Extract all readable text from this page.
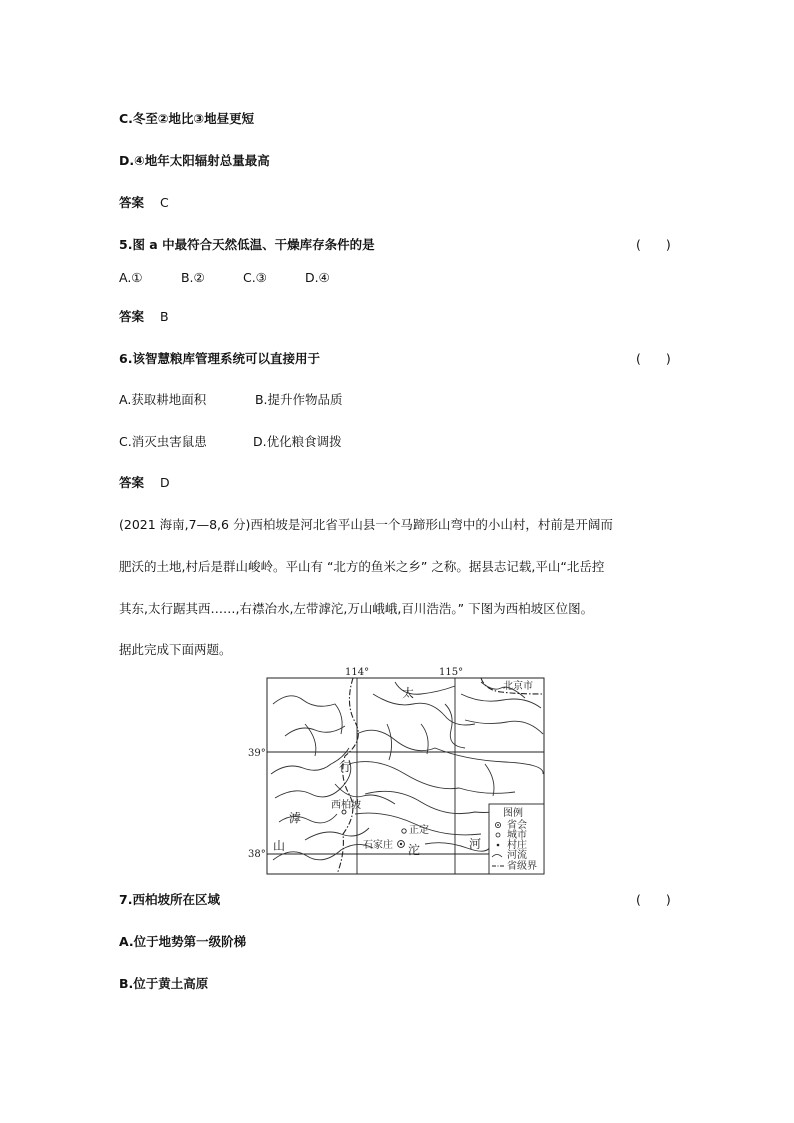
C.冬至②地比③地昼更短
D.④地年太阳辐射总量最高
答案 C
5.图 a 中最符合天然低温、干燥库存条件的是	(　　)
A.①	B.②	C.③	D.④
答案 B
6.该智慧粮库管理系统可以直接用于	(　　)
A.获取耕地面积	B.提升作物品质
C.消灭虫害鼠患	D.优化粮食调拨
答案 D
(2021 海南,7—8,6 分)西柏坡是河北省平山县一个马蹄形山弯中的小山村，村前是开阔而
肥沃的土地,村后是群山峻岭。平山有 “北方的鱼米之乡” 之称。据县志记载,平山“北岳控
其东,太行踞其西……,右襟冶水,左带滹沱,万山峨峨,百川浩浩。” 下图为西柏坡区位图。
据此完成下面两题。
114°	115°
39°
38°
北京市
太
行
山
滹
沱	河
西柏坡
正定
石家庄
图例
省会
城市
村庄
河流
省级界
7.西柏坡所在区域	(　　)
A.位于地势第一级阶梯
B.位于黄土高原
